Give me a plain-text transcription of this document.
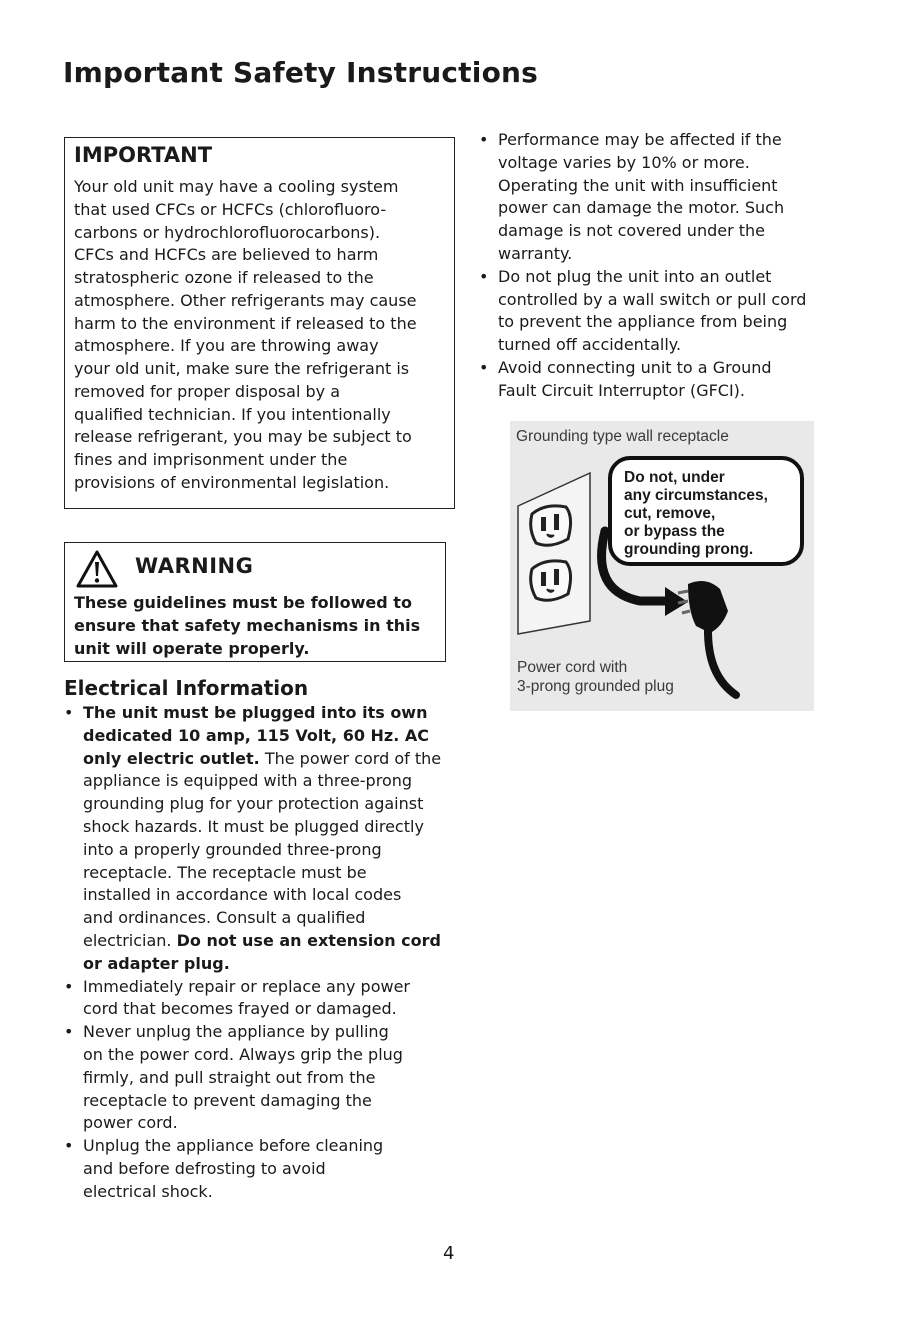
Important Safety Instructions
IMPORTANT

Your old unit may have a cooling system
that used CFCs or HCFCs (chlorofluoro-
carbons or hydrochlorofluorocarbons).
CFCs and HCFCs are believed to harm
stratospheric ozone if released to the
atmosphere. Other refrigerants may cause
harm to the environment if released to the
atmosphere. If you are throwing away
your old unit, make sure the refrigerant is
removed for proper disposal by a
qualified technician. If you intentionally
release refrigerant, you may be subject to
fines and imprisonment under the
provisions of environmental legislation.

WARNING

These guidelines must be followed to
ensure that safety mechanisms in this
unit will operate properly.

Electrical Information
• The unit must be plugged into its own
dedicated 10 amp, 115 Volt, 60 Hz. AC
only electric outlet. The power cord of the
appliance is equipped with a three-prong
grounding plug for your protection against
shock hazards. It must be plugged directly
into a properly grounded three-prong
receptacle. The receptacle must be
installed in accordance with local codes
and ordinances. Consult a qualified
electrician. Do not use an extension cord
or adapter plug.
• Immediately repair or replace any power
cord that becomes frayed or damaged.
• Never unplug the appliance by pulling
on the power cord. Always grip the plug
firmly, and pull straight out from the
receptacle to prevent damaging the
power cord.
• Unplug the appliance before cleaning
and before defrosting to avoid
electrical shock.
• Performance may be affected if the
voltage varies by 10% or more.
Operating the unit with insufficient
power can damage the motor. Such
damage is not covered under the
warranty.
• Do not plug the unit into an outlet
controlled by a wall switch or pull cord
to prevent the appliance from being
turned off accidentally.
• Avoid connecting unit to a Ground
Fault Circuit Interruptor (GFCI).
Grounding type wall receptacle

Do not, under
any circumstances,
cut, remove,
or bypass the
grounding prong.

Power cord with
3-prong grounded plug
4
